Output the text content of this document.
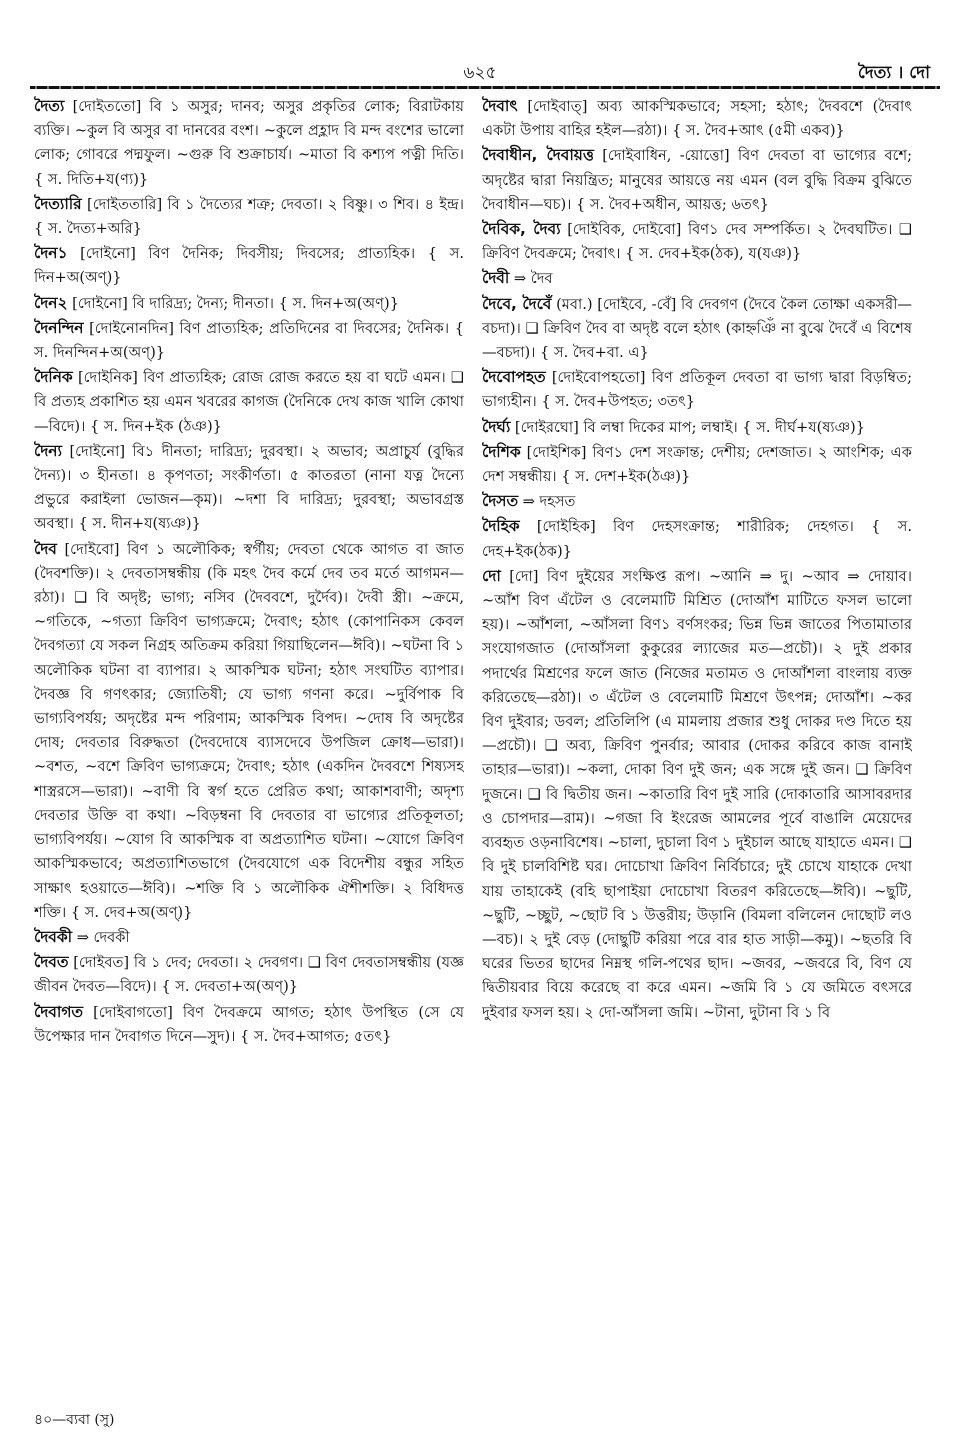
৬২৫	দৈত্য । দো

দৈত্য [দোইততো] বি ১ অসুর; দানব; অসুর প্রকৃতির লোক; বিরাটকায় ব্যক্তি। ~কুল বি অসুর বা দানবের বংশ। ~কুলে প্রহ্লাদ বি মন্দ বংশের ভালো লোক; গোবরে পদ্মফুল। ~গুরু বি শুক্রাচার্য। ~মাতা বি কশ্যপ পত্নী দিতি। { স. দিতি+য(ণ্য)}

দৈত্যারি [দোইততারি] বি ১ দৈত্যের শত্রু; দেবতা। ২ বিষ্ণু। ৩ শিব। ৪ ইন্দ্র। { স. দৈত্য+অরি}

দৈন১ [দোইনো] বিণ দৈনিক; দিবসীয়; দিবসের; প্রাত্যহিক। { স. দিন+অ(অণ্)}

দৈন২ [দোইনো] বি দারিদ্র্য; দৈন্য; দীনতা। { স. দিন+অ(অণ্)}

দৈনন্দিন [দোইনোনদিন] বিণ প্রাত্যহিক; প্রতিদিনের বা দিবসের; দৈনিক। { স. দিনন্দিন+অ(অণ্)}

দৈনিক [দোইনিক] বিণ প্রাত্যহিক; রোজ রোজ করতে হয় বা ঘটে এমন। ❑ বি প্রত্যহ প্রকাশিত হয় এমন খবরের কাগজ (দৈনিকে দেখ কাজ খালি কোথা—বিদে)। { স. দিন+ইক (ঠঞ)}

দৈন্য [দোইনো] বি১ দীনতা; দারিদ্র্য; দুরবস্থা। ২ অভাব; অপ্রাচুর্য (বুদ্ধির দৈন্য)। ৩ হীনতা। ৪ কৃপণতা; সংকীর্ণতা। ৫ কাতরতা (নানা যত্ন দৈন্যে প্রভুরে করাইলা ভোজন—কৃম)। ~দশা বি দারিদ্র্য; দুরবস্থা; অভাবগ্রস্ত অবস্থা। { স. দীন+য(ষ্যঞ)}

দৈব [দোইবো] বিণ ১ অলৌকিক; স্বর্গীয়; দেবতা থেকে আগত বা জাত (দৈবশক্তি)। ২ দেবতাসম্বন্ধীয় (কি মহৎ দৈব কর্মে দেব তব মর্তে আগমন—রঠা)। ❑ বি অদৃষ্ট; ভাগ্য; নসিব (দৈববশে, দুর্দৈব)। দৈবী স্ত্রী। ~ক্রমে, ~গতিকে, ~গত্যা ক্রিবিণ ভাগ্যক্রমে; দৈবাৎ; হঠাৎ (কোপানিকস কেবল দৈবগত্যা যে সকল নিগ্রহ অতিক্রম করিয়া গিয়াছিলেন—ঈবি)। ~ঘটনা বি ১ অলৌকিক ঘটনা বা ব্যাপার। ২ আকস্মিক ঘটনা; হঠাৎ সংঘটিত ব্যাপার। দৈবজ্ঞ বি গণৎকার; জ্যোতিষী; যে ভাগ্য গণনা করে। ~দুর্বিপাক বি ভাগ্যবিপর্যয়; অদৃষ্টের মন্দ পরিণাম; আকস্মিক বিপদ। ~দোষ বি অদৃষ্টের দোষ; দেবতার বিরুদ্ধতা (দৈবদোষে ব্যাসদেবে উপজিল ক্রোধ—ভারা)। ~বশত, ~বশে ক্রিবিণ ভাগ্যক্রমে; দৈবাৎ; হঠাৎ (একদিন দৈববশে শিষ্যসহ শাস্ত্ররসে—ভারা)। ~বাণী বি স্বর্গ হতে প্রেরিত কথা; আকাশবাণী; অদৃশ্য দেবতার উক্তি বা কথা। ~বিড়ম্বনা বি দেবতার বা ভাগ্যের প্রতিকূলতা; ভাগ্যবিপর্যয়। ~যোগ বি আকস্মিক বা অপ্রত্যাশিত ঘটনা। ~যোগে ক্রিবিণ আকস্মিকভাবে; অপ্রত্যাশিতভাগে (দৈবযোগে এক বিদেশীয় বন্ধুর সহিত সাক্ষাৎ হওয়াতে—ঈবি)। ~শক্তি বি ১ অলৌকিক ঐশীশক্তি। ২ বিধিদত্ত শক্তি। { স. দেব+অ(অণ্)}

দৈবকী ⇒ দেবকী

দৈবত [দোইবত] বি ১ দেব; দেবতা। ২ দেবগণ। ❑ বিণ দেবতাসম্বন্ধীয় (যজ্ঞ জীবন দৈবত—বিদে)। { স. দেবতা+অ(অণ্)}

দৈবাগত [দোইবাগতো] বিণ দৈবক্রমে আগত; হঠাৎ উপস্থিত (সে যে উপেক্ষার দান দৈবাগত দিনে—সুদ)। { স. দৈব+আগত; ৫তৎ}

দৈবাৎ [দোইবাত্] অব্য আকস্মিকভাবে; সহসা; হঠাৎ; দৈববশে (দৈবাৎ একটা উপায় বাহির হইল—রঠা)। { স. দৈব+আৎ (৫মী একব)}

দৈবাধীন, দৈবায়ত্ত [দোইবাধিন, -য়োত্তো] বিণ দেবতা বা ভাগ্যের বশে; অদৃষ্টের দ্বারা নিয়ন্ত্রিত; মানুষের আয়ত্তে নয় এমন (বল বুদ্ধি বিক্রম বুঝিতে দৈবাধীন—ঘচ)। { স. দৈব+অধীন, আয়ত্ত; ৬তৎ}

দৈবিক, দৈব্য [দোইবিক, দোইবো] বিণ১ দেব সম্পর্কিত। ২ দৈবঘটিত। ❑ ক্রিবিণ দৈবক্রমে; দৈবাৎ। { স. দেব+ইক(ঠক), য(যঞ)}

দৈবী ⇒ দৈব

দৈবে, দৈবেঁ (মবা.) [দোইবে, -বেঁ] বি দেবগণ (দৈবে কৈল তোক্ষা একসরী—বচদা)। ❑ ক্রিবিণ দৈব বা অদৃষ্ট বলে হঠাৎ (কাহ্নঞিঁ না বুঝে দৈবেঁ এ বিশেষ—বচদা)। { স. দৈব+বা. এ}

দৈবোপহত [দোইবোপহতো] বিণ প্রতিকূল দেবতা বা ভাগ্য দ্বারা বিড়ম্বিত; ভাগ্যহীন। { স. দৈব+উপহত; ৩তৎ}

দৈর্ঘ্য [দোইরঘো] বি লম্বা দিকের মাপ; লম্বাই। { স. দীর্ঘ+য(ষ্যঞ)}

দৈশিক [দোইশিক] বিণ১ দেশ সংক্রান্ত; দেশীয়; দেশজাত। ২ আংশিক; এক দেশ সম্বন্ধীয়। { স. দেশ+ইক(ঠঞ)}

দৈসত ⇒ দহসত

দৈহিক [দোইহিক] বিণ দেহসংক্রান্ত; শারীরিক; দেহগত। { স. দেহ+ইক(ঠক)}

দো [দো] বিণ দুইয়ের সংক্ষিপ্ত রূপ। ~আনি ⇒ দু। ~আব ⇒ দোয়াব। ~আঁশ বিণ এঁটেল ও বেলেমাটি মিশ্রিত (দোআঁশ মাটিতে ফসল ভালো হয়)। ~আঁশলা, ~আঁসলা বিণ১ বর্ণসংকর; ভিন্ন ভিন্ন জাতের পিতামাতার সংযোগজাত (দোআঁসলা কুকুরের ল্যাজের মত—প্রচৌ)। ২ দুই প্রকার পদার্থের মিশ্রণের ফলে জাত (নিজের মতামত ও দোআঁশলা বাংলায় ব্যক্ত করিতেছে—রঠা)। ৩ এঁটেল ও বেলেমাটি মিশ্রণে উৎপন্ন; দোআঁশ। ~কর বিণ দুইবার; ডবল; প্রতিলিপি (এ মামলায় প্রজার শুধু দোকর দণ্ড দিতে হয়—প্রচৌ)। ❑ অব্য, ক্রিবিণ পুনর্বার; আবার (দোকর করিবে কাজ বানাই তাহার—ভারা)। ~কলা, দোকা বিণ দুই জন; এক সঙ্গে দুই জন। ❑ ক্রিবিণ দুজনে। ❑ বি দ্বিতীয় জন। ~কাতারি বিণ দুই সারি (দোকাতারি আসাবরদার ও চোপদার—রাম)। ~গজা বি ইংরেজ আমলের পূর্বে বাঙালি মেয়েদের ব্যবহৃত ওড়নাবিশেষ। ~চালা, দুচালা বিণ ১ দুইচাল আছে যাহাতে এমন। ❑ বি দুই চালবিশিষ্ট ঘর। দোচোখা ক্রিবিণ নির্বিচারে; দুই চোখে যাহাকে দেখা যায় তাহাকেই (বহি ছাপাইয়া দোচোখা বিতরণ করিতেছে—ঈবি)। ~ছুটি, ~ছুটি, ~চ্ছুট, ~ছোট বি ১ উত্তরীয়; উড়ানি (বিমলা বলিলেন দোছোট লও—বচ)। ২ দুই বেড় (দোছুটি করিয়া পরে বার হাত সাড়ী—কমু)। ~ছতরি বি ঘরের ভিতর ছাদের নিম্নস্থ গলি-পথের ছাদ। ~জবর, ~জবরে বি, বিণ যে দ্বিতীয়বার বিয়ে করেছে বা করে এমন। ~জমি বি ১ যে জমিতে বৎসরে দুইবার ফসল হয়। ২ দো-আঁসলা জমি। ~টানা, দুটানা বি ১ বি

৪০—ব্যবা (সু)
